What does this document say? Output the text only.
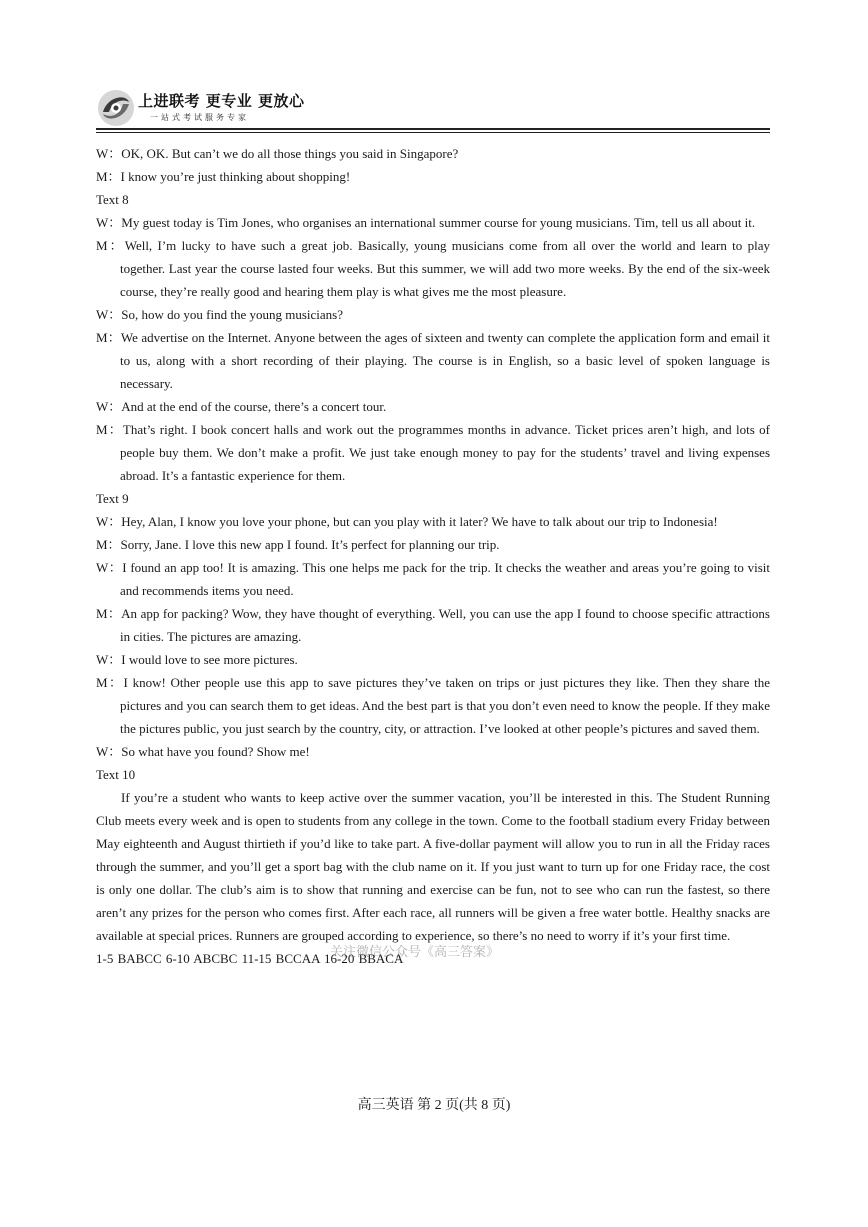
上进联考 更专业 更放心
一站式考试服务专家

W：OK, OK. But can’t we do all those things you said in Singapore?

M：I know you’re just thinking about shopping!

Text 8

W：My guest today is Tim Jones, who organises an international summer course for young musicians. Tim, tell us all about it.

M：Well, I’m lucky to have such a great job. Basically, young musicians come from all over the world and learn to play together. Last year the course lasted four weeks. But this summer, we will add two more weeks. By the end of the six-week course, they’re really good and hearing them play is what gives me the most pleasure.

W：So, how do you find the young musicians?

M：We advertise on the Internet. Anyone between the ages of sixteen and twenty can complete the application form and email it to us, along with a short recording of their playing. The course is in English, so a basic level of spoken language is necessary.

W：And at the end of the course, there’s a concert tour.

M：That’s right. I book concert halls and work out the programmes months in advance. Ticket prices aren’t high, and lots of people buy them. We don’t make a profit. We just take enough money to pay for the students’ travel and living expenses abroad. It’s a fantastic experience for them.

Text 9

W：Hey, Alan, I know you love your phone, but can you play with it later? We have to talk about our trip to Indonesia!

M：Sorry, Jane. I love this new app I found. It’s perfect for planning our trip.

W：I found an app too! It is amazing. This one helps me pack for the trip. It checks the weather and areas you’re going to visit and recommends items you need.

M：An app for packing? Wow, they have thought of everything. Well, you can use the app I found to choose specific attractions in cities. The pictures are amazing.

W：I would love to see more pictures.

M：I know! Other people use this app to save pictures they’ve taken on trips or just pictures they like. Then they share the pictures and you can search them to get ideas. And the best part is that you don’t even need to know the people. If they make the pictures public, you just search by the country, city, or attraction. I’ve looked at other people’s pictures and saved them.

W：So what have you found? Show me!

Text 10

If you’re a student who wants to keep active over the summer vacation, you’ll be interested in this. The Student Running Club meets every week and is open to students from any college in the town. Come to the football stadium every Friday between May eighteenth and August thirtieth if you’d like to take part. A five-dollar payment will allow you to run in all the Friday races through the summer, and you’ll get a sport bag with the club name on it. If you just want to turn up for one Friday race, the cost is only one dollar. The club’s aim is to show that running and exercise can be fun, not to see who can run the fastest, so there aren’t any prizes for the person who comes first. After each race, all runners will be given a free water bottle. Healthy snacks are available at special prices. Runners are grouped according to experience, so there’s no need to worry if it’s your first time.

1-5 BABCC 6-10 ABCBC 11-15 BCCAA 16-20 BBACA

关注微信公众号《高三答案》
高三英语 第 2 页(共 8 页)
